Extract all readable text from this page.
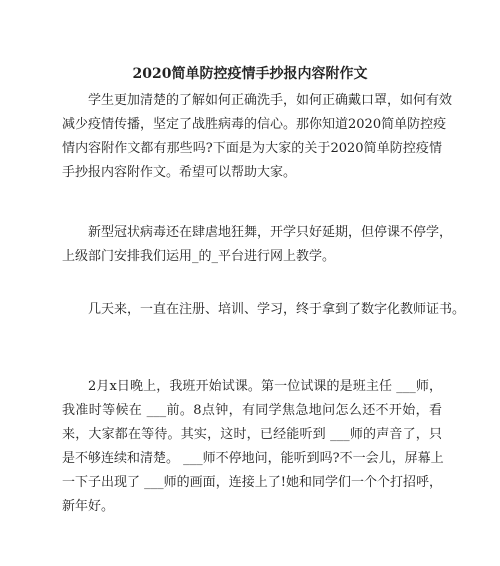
2020简单防控疫情手抄报内容附作文
学生更加清楚的了解如何正确洗手，如何正确戴口罩，如何有效
减少疫情传播，坚定了战胜病毒的信心。那你知道2020简单防控疫
情内容附作文都有那些吗?下面是为大家的关于2020简单防控疫情
手抄报内容附作文。希望可以帮助大家。
新型冠状病毒还在肆虐地狂舞，开学只好延期，但停课不停学，
上级部门安排我们运用_的_平台进行网上教学。
几天来，一直在注册、培训、学习，终于拿到了数字化教师证书。
2月x日晚上，我班开始试课。第一位试课的是班主任 ___师，
我准时等候在 ___前。8点钟，有同学焦急地问怎么还不开始，看
来，大家都在等待。其实，这时，已经能听到 ___师的声音了，只
是不够连续和清楚。 ___师不停地问，能听到吗?不一会儿，屏幕上
一下子出现了 ___师的画面，连接上了!她和同学们一个个打招呼，
新年好。
